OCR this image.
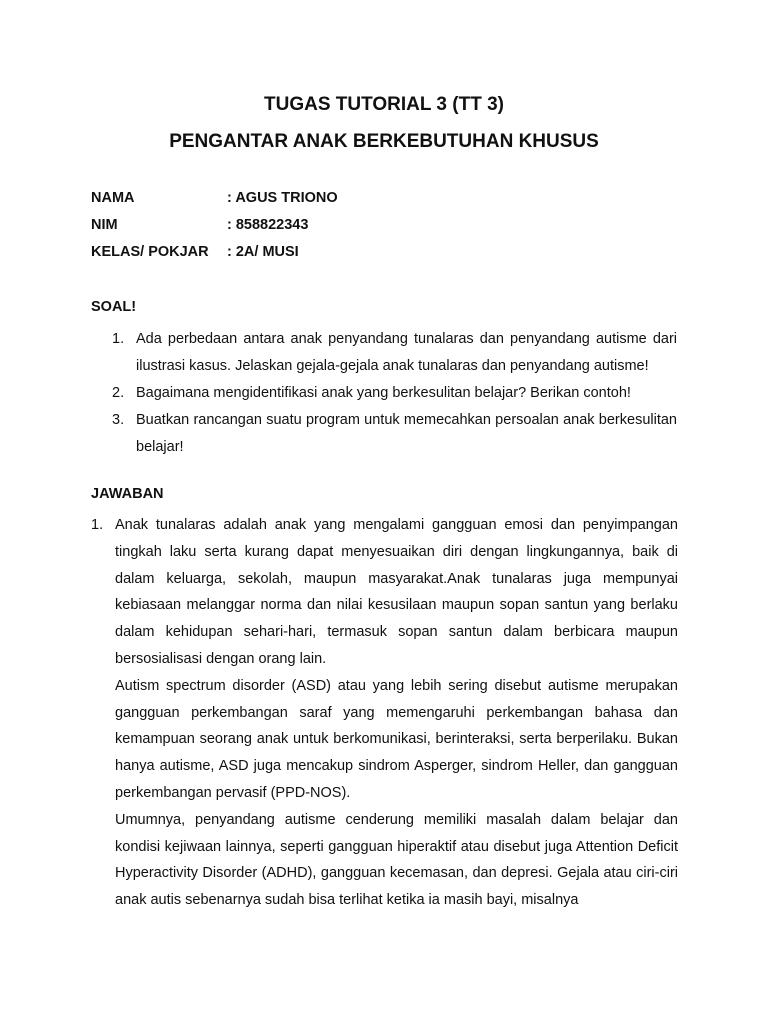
TUGAS TUTORIAL 3 (TT 3)
PENGANTAR ANAK BERKEBUTUHAN KHUSUS
NAMA	: AGUS TRIONO
NIM	: 858822343
KELAS/ POKJAR	: 2A/ MUSI
SOAL!
1. Ada perbedaan antara anak penyandang tunalaras dan penyandang autisme dari ilustrasi kasus. Jelaskan gejala-gejala anak tunalaras dan penyandang autisme!
2. Bagaimana mengidentifikasi anak yang berkesulitan belajar? Berikan contoh!
3. Buatkan rancangan suatu program untuk memecahkan persoalan anak berkesulitan belajar!
JAWABAN
1. Anak tunalaras adalah anak yang mengalami gangguan emosi dan penyimpangan tingkah laku serta kurang dapat menyesuaikan diri dengan lingkungannya, baik di dalam keluarga, sekolah, maupun masyarakat.Anak tunalaras juga mempunyai kebiasaan melanggar norma dan nilai kesusilaan maupun sopan santun yang berlaku dalam kehidupan sehari-hari, termasuk sopan santun dalam berbicara maupun bersosialisasi dengan orang lain.

Autism spectrum disorder (ASD) atau yang lebih sering disebut autisme merupakan gangguan perkembangan saraf yang memengaruhi perkembangan bahasa dan kemampuan seorang anak untuk berkomunikasi, berinteraksi, serta berperilaku. Bukan hanya autisme, ASD juga mencakup sindrom Asperger, sindrom Heller, dan gangguan perkembangan pervasif (PPD-NOS).

Umumnya, penyandang autisme cenderung memiliki masalah dalam belajar dan kondisi kejiwaan lainnya, seperti gangguan hiperaktif atau disebut juga Attention Deficit Hyperactivity Disorder (ADHD), gangguan kecemasan, dan depresi. Gejala atau ciri-ciri anak autis sebenarnya sudah bisa terlihat ketika ia masih bayi, misalnya
